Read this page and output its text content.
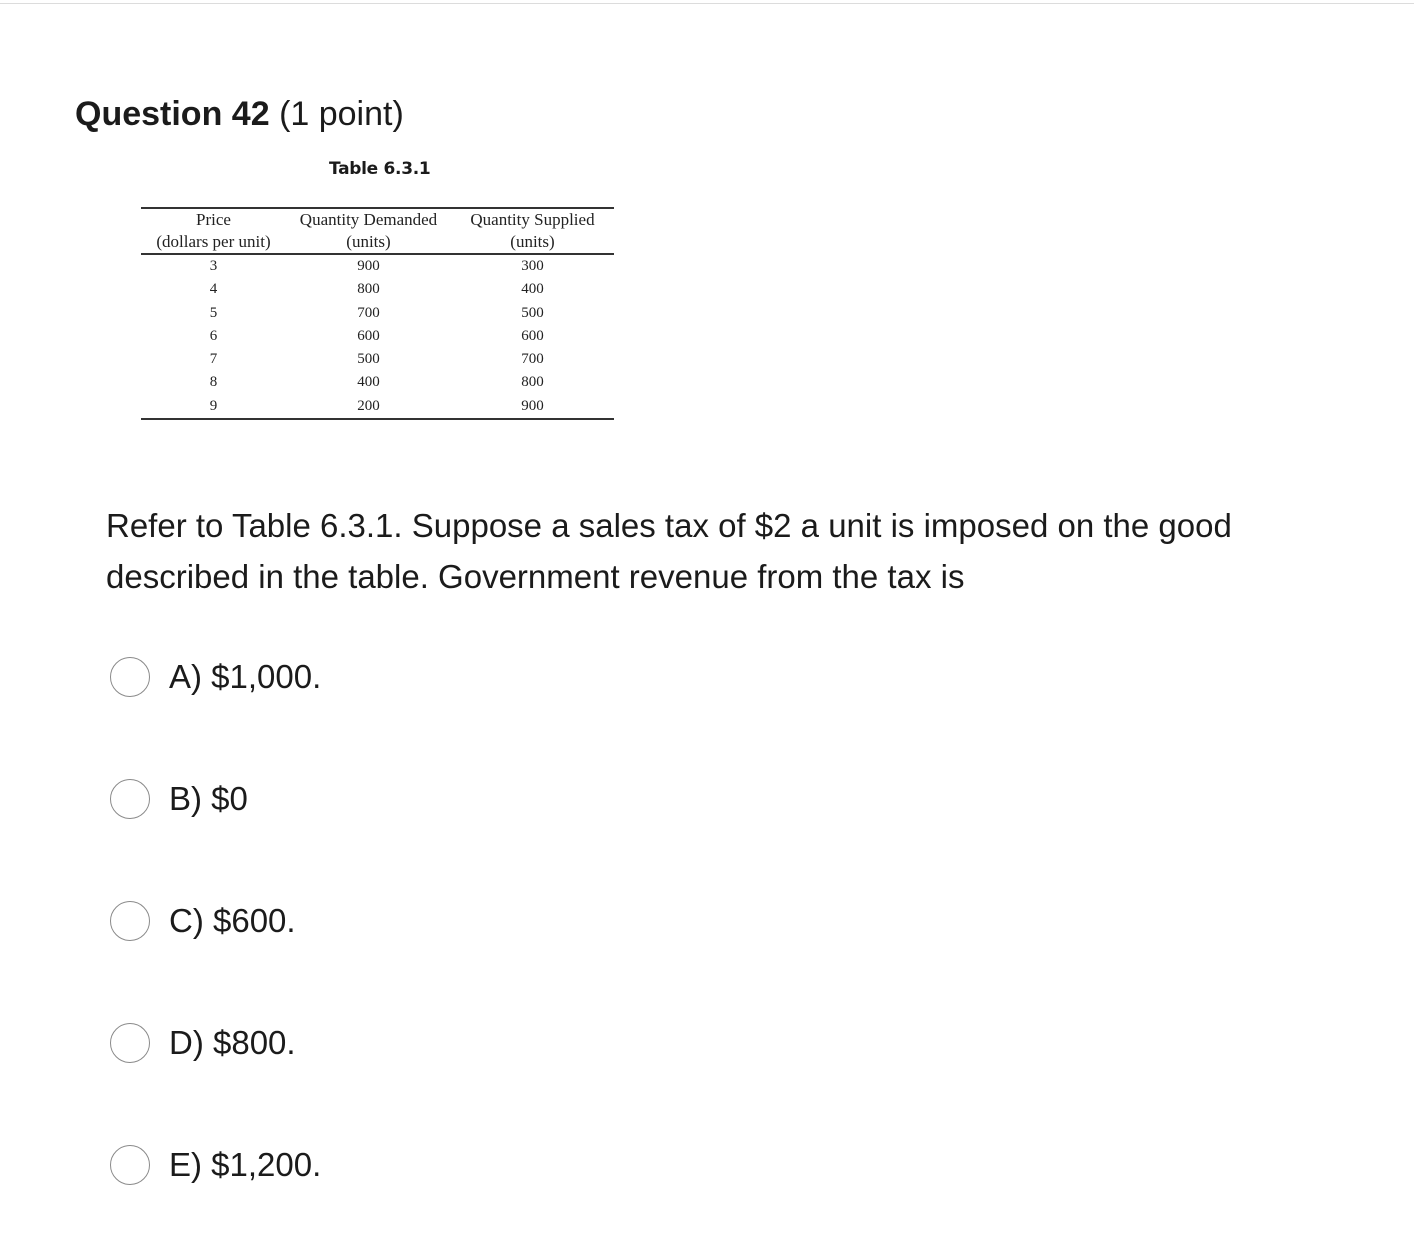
Question 42 (1 point)
Table 6.3.1
Price	Quantity Demanded	Quantity Supplied
(dollars per unit)	(units)	(units)
3	900	300
4	800	400
5	700	500
6	600	600
7	500	700
8	400	800
9	200	900
Refer to Table 6.3.1. Suppose a sales tax of $2 a unit is imposed on the good described in the table. Government revenue from the tax is
A) $1,000.
B) $0
C) $600.
D) $800.
E) $1,200.
